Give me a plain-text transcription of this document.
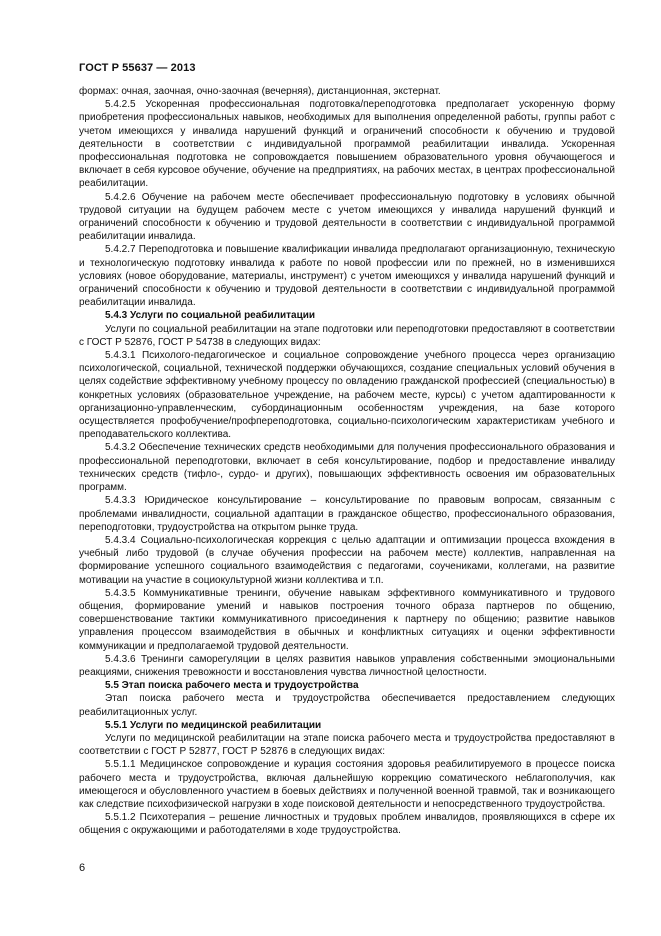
ГОСТ Р 55637 — 2013

формах: очная, заочная, очно-заочная (вечерняя), дистанционная, экстернат.

5.4.2.5 Ускоренная профессиональная подготовка/переподготовка предполагает ускоренную форму приобретения профессиональных навыков, необходимых для выполнения определенной работы, группы работ с учетом имеющихся у инвалида нарушений функций и ограничений способности к обучению и трудовой деятельности в соответствии с индивидуальной программой реабилитации инвалида. Ускоренная профессиональная подготовка не сопровождается повышением образовательного уровня обучающегося и включает в себя курсовое обучение, обучение на предприятиях, на рабочих местах, в центрах профессиональной реабилитации.

5.4.2.6 Обучение на рабочем месте обеспечивает профессиональную подготовку в условиях обычной трудовой ситуации на будущем рабочем месте с учетом имеющихся у инвалида нарушений функций и ограничений способности к обучению и трудовой деятельности в соответствии с индивидуальной программой реабилитации инвалида.

5.4.2.7 Переподготовка и повышение квалификации инвалида предполагают организационную, техническую и технологическую подготовку инвалида к работе по новой профессии или по прежней, но в изменившихся условиях (новое оборудование, материалы, инструмент) с учетом имеющихся у инвалида нарушений функций и ограничений способности к обучению и трудовой деятельности в соответствии с индивидуальной программой реабилитации инвалида.

5.4.3 Услуги по социальной реабилитации

Услуги по социальной реабилитации на этапе подготовки или переподготовки предоставляют в соответствии с ГОСТ Р 52876, ГОСТ Р 54738 в следующих видах:

5.4.3.1 Психолого-педагогическое и социальное сопровождение учебного процесса через организацию психологической, социальной, технической поддержки обучающихся, создание специальных условий обучения в целях содействие эффективному учебному процессу по овладению гражданской профессией (специальностью) в конкретных условиях (образовательное учреждение, на рабочем месте, курсы) с учетом адаптированности к организационно-управленческим, субординационным особенностям учреждения, на базе которого осуществляется профобучение/профпереподготовка, социально-психологическим характеристикам учебного и преподавательского коллектива.

5.4.3.2 Обеспечение технических средств необходимыми для получения профессионального образования и профессиональной переподготовки, включает в себя консультирование, подбор и предоставление инвалиду технических средств (тифло-, сурдо- и других), повышающих эффективность освоения им образовательных программ.

5.4.3.3 Юридическое консультирование – консультирование по правовым вопросам, связанным с проблемами инвалидности, социальной адаптации в гражданское общество, профессионального образования, переподготовки, трудоустройства на открытом рынке труда.

5.4.3.4 Социально-психологическая коррекция с целью адаптации и оптимизации процесса вхождения в учебный либо трудовой (в случае обучения профессии на рабочем месте) коллектив, направленная на формирование успешного социального взаимодействия с педагогами, соучениками, коллегами, на развитие мотивации на участие в социокультурной жизни коллектива и т.п.

5.4.3.5 Коммуникативные тренинги, обучение навыкам эффективного коммуникативного и трудового общения, формирование умений и навыков построения точного образа партнеров по общению, совершенствование тактики коммуникативного присоединения к партнеру по общению; развитие навыков управления процессом взаимодействия в обычных и конфликтных ситуациях и оценки эффективности коммуникации и предполагаемой трудовой деятельности.

5.4.3.6 Тренинги саморегуляции в целях развития навыков управления собственными эмоциональными реакциями, снижения тревожности и восстановления чувства личностной целостности.

5.5 Этап поиска рабочего места и трудоустройства

Этап поиска рабочего места и трудоустройства обеспечивается предоставлением следующих реабилитационных услуг.

5.5.1 Услуги по медицинской реабилитации

Услуги по медицинской реабилитации на этапе поиска рабочего места и трудоустройства предоставляют в соответствии с ГОСТ Р 52877, ГОСТ Р 52876 в следующих видах:

5.5.1.1 Медицинское сопровождение и курация состояния здоровья реабилитируемого в процессе поиска рабочего места и трудоустройства, включая дальнейшую коррекцию соматического неблагополучия, как имеющегося и обусловленного участием в боевых действиях и полученной военной травмой, так и возникающего как следствие психофизической нагрузки в ходе поисковой деятельности и непосредственного трудоустройства.

5.5.1.2 Психотерапия – решение личностных и трудовых проблем инвалидов, проявляющихся в сфере их общения с окружающими и работодателями в ходе трудоустройства.

6
